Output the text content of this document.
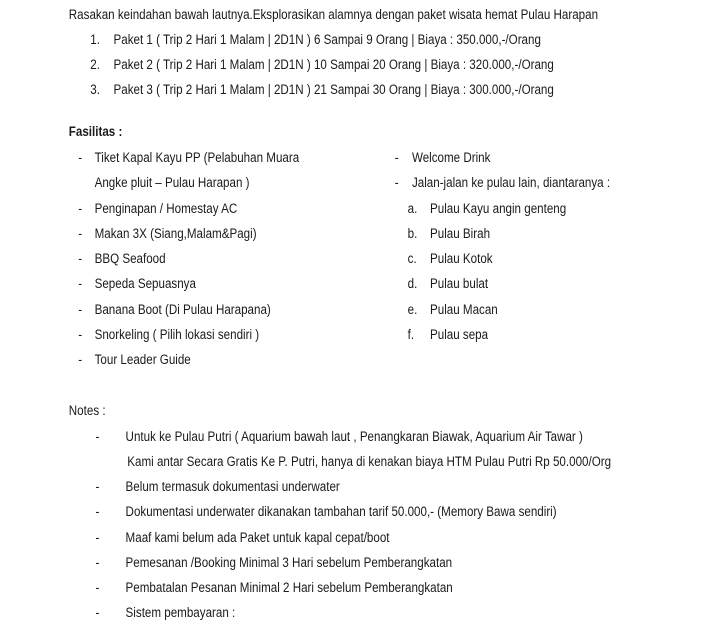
Rasakan keindahan bawah lautnya.Eksplorasikan alamnya dengan paket wisata hemat Pulau Harapan
1. Paket 1 ( Trip 2 Hari 1 Malam | 2D1N ) 6 Sampai 9 Orang | Biaya : 350.000,-/Orang
2. Paket 2 ( Trip 2 Hari 1 Malam | 2D1N ) 10 Sampai 20 Orang | Biaya : 320.000,-/Orang
3. Paket 3 ( Trip 2 Hari 1 Malam | 2D1N ) 21 Sampai 30 Orang | Biaya : 300.000,-/Orang
Fasilitas :
- Tiket Kapal Kayu PP (Pelabuhan Muara
Angke pluit – Pulau Harapan )
- Penginapan / Homestay AC
- Makan 3X (Siang,Malam&Pagi)
- BBQ Seafood
- Sepeda Sepuasnya
- Banana Boot (Di Pulau Harapana)
- Snorkeling ( Pilih lokasi sendiri )
- Tour Leader Guide
- Welcome Drink
- Jalan-jalan ke pulau lain, diantaranya :
a. Pulau Kayu angin genteng
b. Pulau Birah
c. Pulau Kotok
d. Pulau bulat
e. Pulau Macan
f. Pulau sepa
Notes :
- Untuk ke Pulau Putri ( Aquarium bawah laut , Penangkaran Biawak, Aquarium Air Tawar )
Kami antar Secara Gratis Ke P. Putri, hanya di kenakan biaya HTM Pulau Putri Rp 50.000/Org
- Belum termasuk dokumentasi underwater
- Dokumentasi underwater dikanakan tambahan tarif 50.000,- (Memory Bawa sendiri)
- Maaf kami belum ada Paket untuk kapal cepat/boot
- Pemesanan /Booking Minimal 3 Hari sebelum Pemberangkatan
- Pembatalan Pesanan Minimal 2 Hari sebelum Pemberangkatan
- Sistem pembayaran :
